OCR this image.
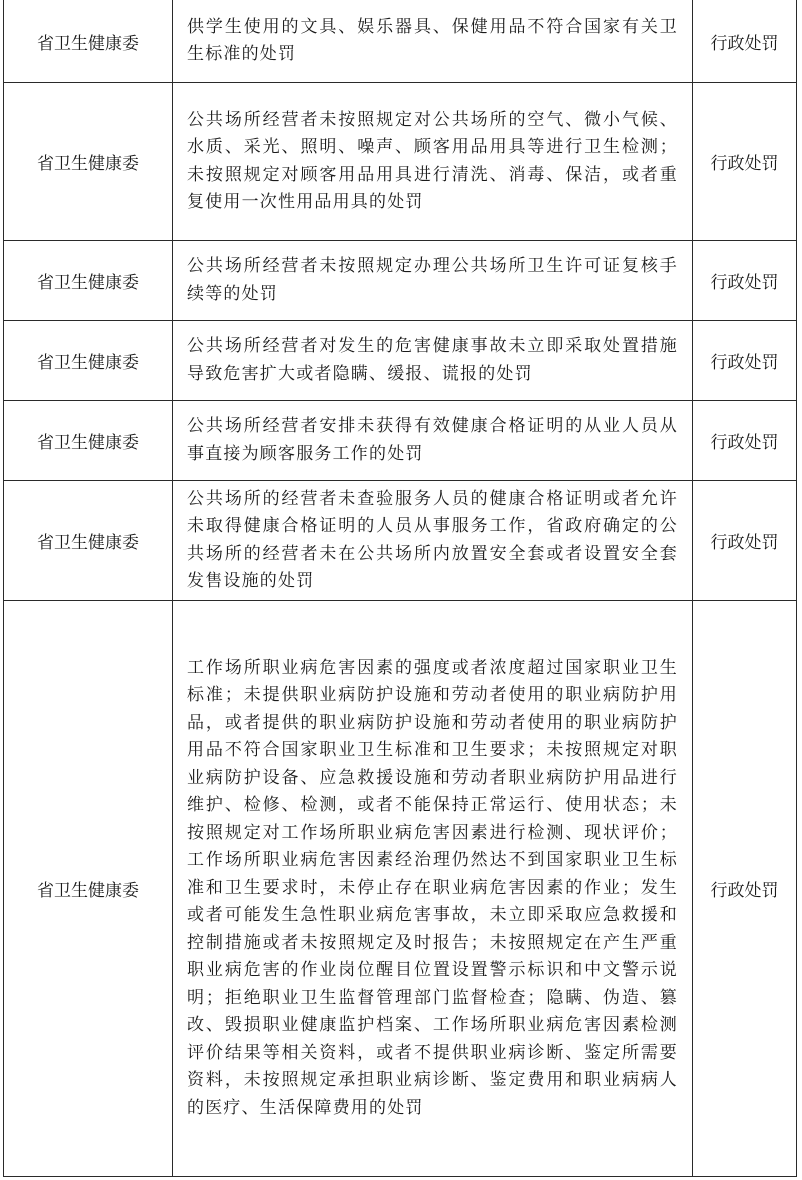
省卫生健康委	供学生使用的文具、娱乐器具、保健用品不符合国家有关卫生标准的处罚	行政处罚
省卫生健康委	公共场所经营者未按照规定对公共场所的空气、微小气候、水质、采光、照明、噪声、顾客用品用具等进行卫生检测；未按照规定对顾客用品用具进行清洗、消毒、保洁，或者重复使用一次性用品用具的处罚	行政处罚
省卫生健康委	公共场所经营者未按照规定办理公共场所卫生许可证复核手续等的处罚	行政处罚
省卫生健康委	公共场所经营者对发生的危害健康事故未立即采取处置措施导致危害扩大或者隐瞒、缓报、谎报的处罚	行政处罚
省卫生健康委	公共场所经营者安排未获得有效健康合格证明的从业人员从事直接为顾客服务工作的处罚	行政处罚
省卫生健康委	公共场所的经营者未查验服务人员的健康合格证明或者允许未取得健康合格证明的人员从事服务工作，省政府确定的公共场所的经营者未在公共场所内放置安全套或者设置安全套发售设施的处罚	行政处罚
省卫生健康委	工作场所职业病危害因素的强度或者浓度超过国家职业卫生标准；未提供职业病防护设施和劳动者使用的职业病防护用品，或者提供的职业病防护设施和劳动者使用的职业病防护用品不符合国家职业卫生标准和卫生要求；未按照规定对职业病防护设备、应急救援设施和劳动者职业病防护用品进行维护、检修、检测，或者不能保持正常运行、使用状态；未按照规定对工作场所职业病危害因素进行检测、现状评价；工作场所职业病危害因素经治理仍然达不到国家职业卫生标准和卫生要求时，未停止存在职业病危害因素的作业；发生或者可能发生急性职业病危害事故，未立即采取应急救援和控制措施或者未按照规定及时报告；未按照规定在产生严重职业病危害的作业岗位醒目位置设置警示标识和中文警示说明；拒绝职业卫生监督管理部门监督检查；隐瞒、伪造、篡改、毁损职业健康监护档案、工作场所职业病危害因素检测评价结果等相关资料，或者不提供职业病诊断、鉴定所需要资料，未按照规定承担职业病诊断、鉴定费用和职业病病人的医疗、生活保障费用的处罚	行政处罚
